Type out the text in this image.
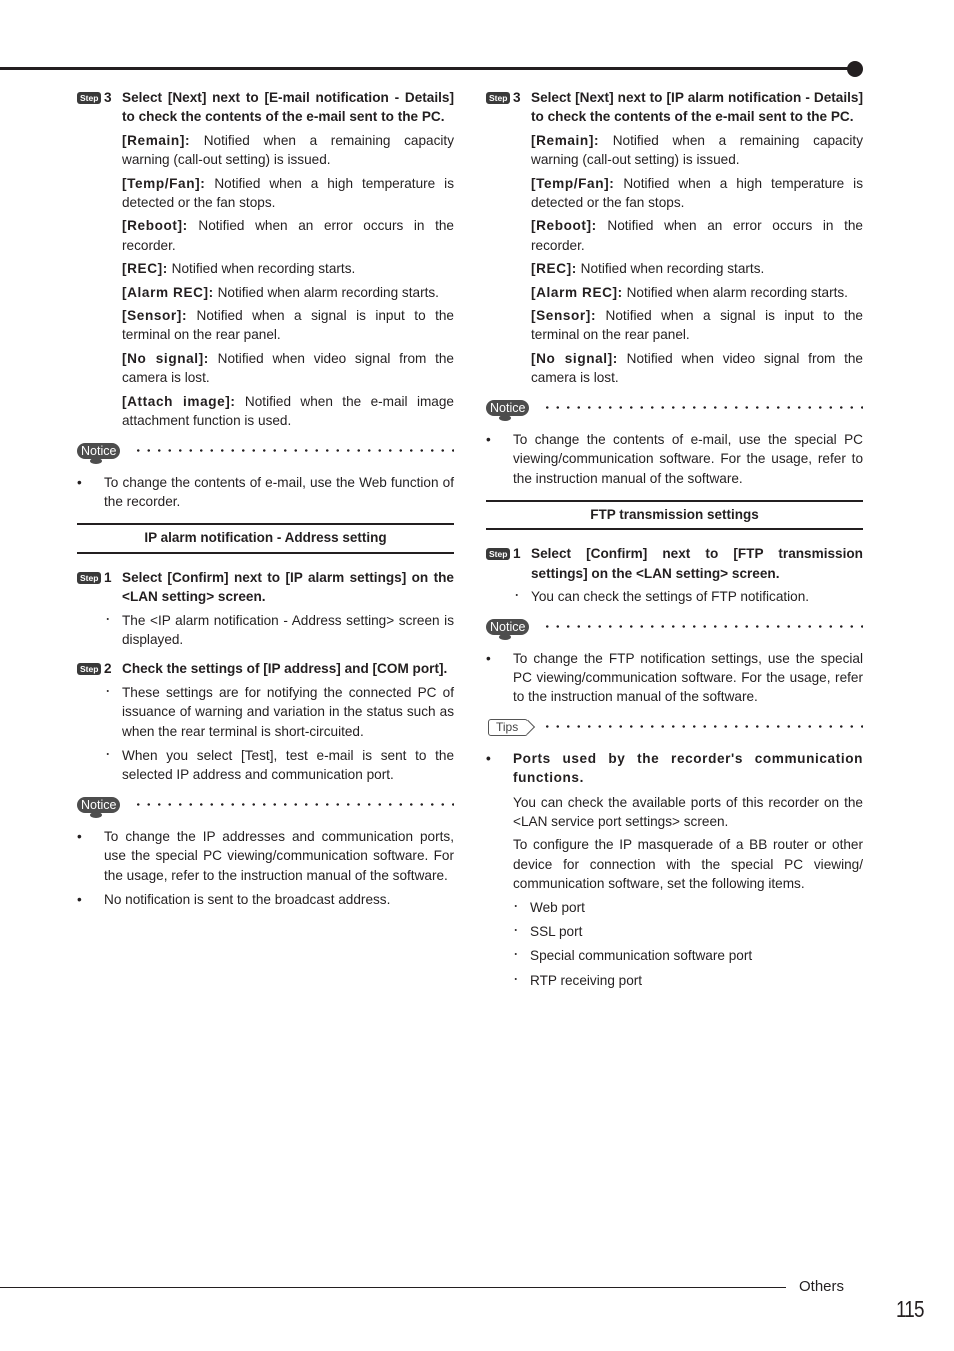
Step 3 Select [Next] next to [E-mail notification - Details] to check the contents of the e-mail sent to the PC.
[Remain]: Notified when a remaining capacity warning (call-out setting) is issued.
[Temp/Fan]: Notified when a high temperature is detected or the fan stops.
[Reboot]: Notified when an error occurs in the recorder.
[REC]: Notified when recording starts.
[Alarm REC]: Notified when alarm recording starts.
[Sensor]: Notified when a signal is input to the terminal on the rear panel.
[No signal]: Notified when video signal from the camera is lost.
[Attach image]: Notified when the e-mail image attachment function is used.
Notice
• To change the contents of e-mail, use the Web function of the recorder.
IP alarm notification - Address setting
Step 1 Select [Confirm] next to [IP alarm settings] on the <LAN setting> screen.
･ The <IP alarm notification - Address setting> screen is displayed.
Step 2 Check the settings of [IP address] and [COM port].
･ These settings are for notifying the connected PC of issuance of warning and variation in the status such as when the rear terminal is short-circuited.
･ When you select [Test], test e-mail is sent to the selected IP address and communication port.
Notice
• To change the IP addresses and communication ports, use the special PC viewing/communication software. For the usage, refer to the instruction manual of the software.
• No notification is sent to the broadcast address.
Step 3 Select [Next] next to [IP alarm notification - Details] to check the contents of the e-mail sent to the PC.
[Remain]: Notified when a remaining capacity warning (call-out setting) is issued.
[Temp/Fan]: Notified when a high temperature is detected or the fan stops.
[Reboot]: Notified when an error occurs in the recorder.
[REC]: Notified when recording starts.
[Alarm REC]: Notified when alarm recording starts.
[Sensor]: Notified when a signal is input to the terminal on the rear panel.
[No signal]: Notified when video signal from the camera is lost.
Notice
• To change the contents of e-mail, use the special PC viewing/communication software. For the usage, refer to the instruction manual of the software.
FTP transmission settings
Step 1 Select [Confirm] next to [FTP transmission settings] on the <LAN setting> screen.
･ You can check the settings of FTP notification.
Notice
• To change the FTP notification settings, use the special PC viewing/communication software. For the usage, refer to the instruction manual of the software.
Tips
• Ports used by the recorder's communication functions.
You can check the available ports of this recorder on the <LAN service port settings> screen.
To configure the IP masquerade of a BB router or other device for connection with the special PC viewing/ communication software, set the following items.
･ Web port
･ SSL port
･ Special communication software port
･ RTP receiving port
Others
115
